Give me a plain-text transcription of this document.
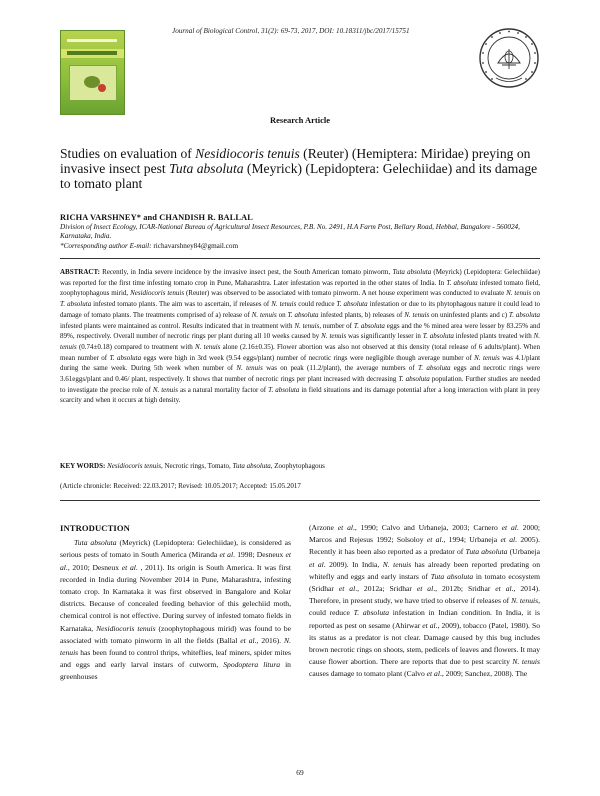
Journal of Biological Control, 31(2): 69-73, 2017, DOI: 10.18311/jbc/2017/15751
Research Article
Studies on evaluation of Nesidiocoris tenuis (Reuter) (Hemiptera: Miridae) preying on invasive insect pest Tuta absoluta (Meyrick) (Lepidoptera: Gelechiidae) and its damage to tomato plant
RICHA VARSHNEY* and CHANDISH R. BALLAL
Division of Insect Ecology, ICAR-National Bureau of Agricultural Insect Resources, P.B. No. 2491, H.A Farm Post, Bellary Road, Hebbal, Bangalore - 560024, Karnataka, India.
*Corresponding author E-mail: richavarshney84@gmail.com
ABSTRACT: Recently, in India severe incidence by the invasive insect pest, the South American tomato pinworm, Tuta absoluta (Meyrick) (Lepidoptera: Gelechiidae) was reported for the first time infesting tomato crop in Pune, Maharashtra. Later infestation was reported in the other states of India. In T. absoluta infested tomato field, zoophytophagous mirid, Nesidiocoris tenuis (Reuter) was observed to be associated with tomato pinworm. A net house experiment was conducted to evaluate N. tenuis on T. absoluta infested tomato plants. The aim was to ascertain, if releases of N. tenuis could reduce T. absoluta infestation or due to its phytophagous nature it could lead to damage of tomato plants. The treatments comprised of a) release of N. tenuis on T. absoluta infested plants, b) releases of N. tenuis on uninfested plants and c) T. absoluta infested plants were maintained as control. Results indicated that in treatment with N. tenuis, number of T. absoluta eggs and the % mined area were lesser by 83.25% and 89%, respectively. Overall number of necrotic rings per plant during all 10 weeks caused by N. tenuis was significantly lesser in T. absoluta infested plants treated with N. tenuis (0.74±0.18) compared to treatment with N. tenuis alone (2.16±0.35). Flower abortion was also not observed at this density (total release of 6 adults/plant). When mean number of T. absoluta eggs were high in 3rd week (9.54 eggs/plant) number of necrotic rings were negligible though average number of N. tenuis was 4.1/plant during the same week. During 5th week when number of N. tenuis was on peak (11.2/plant), the average numbers of T. absoluta eggs and necrotic rings were 3.61eggs/plant and 0.46/ plant, respectively. It shows that number of necrotic rings per plant increased with decreasing T. absoluta population. Further studies are needed to investigate the precise role of N. tenuis as a natural mortality factor of T. absoluta in field situations and its damage potential after a long interaction with plant in prey scarcity and when it occurs at high density.
KEY WORDS: Nesidiocoris tenuis, Necrotic rings, Tomato, Tuta absoluta, Zoophytophagous
(Article chronicle: Received: 22.03.2017; Revised: 10.05.2017; Accepted: 15.05.2017
INTRODUCTION

Tuta absoluta (Meyrick) (Lepidoptera: Gelechiidae), is considered as serious pests of tomato in South America (Miranda et al. 1998; Desneux et al., 2010; Desneux et al. , 2011). Its origin is South America. It was first recorded in India during November 2014 in Pune, Maharashtra, infesting tomato crop. In Karnataka it was first observed in Bangalore and Kolar districts. Because of concealed feeding behavior of this gelechiid moth, chemical control is not effective. During survey of infested tomato fields in Karnataka, Nesidiocoris tenuis (zoophytophagous mirid) was found to be associated with tomato pinworm in all the fields (Ballal et al., 2016). N. tenuis has been found to control thrips, whiteflies, leaf miners, spider mites and eggs and early larval instars of cutworm, Spodoptera litura in greenhouses

(Arzone et al., 1990; Calvo and Urbaneja, 2003; Carnero et al. 2000; Marcos and Rejesus 1992; Solsoloy et al., 1994; Urbaneja et al. 2005). Recently it has been also reported as a predator of Tuta absoluta (Urbaneja et al. 2009). In India, N. tenuis has already been reported predating on whitefly and eggs and early instars of Tuta absoluta in tomato ecosystem (Sridhar et al., 2012a; Sridhar et al., 2012b; Sridhar et al., 2014). Therefore, in present study, we have tried to observe if releases of N. tenuis, could reduce T. absoluta infestation in Indian condition. In India, it is reported as pest on sesame (Ahirwar et al., 2009), tobacco (Patel, 1980). So its status as a predator is not clear. Damage caused by this bug includes brown necrotic rings on shoots, stem, pedicels of leaves and flowers. It may cause flower abortion. There are reports that due to pest scarcity N. tenuis causes damage to tomato plant (Calvo et al., 2009; Sanchez, 2008). The

69
